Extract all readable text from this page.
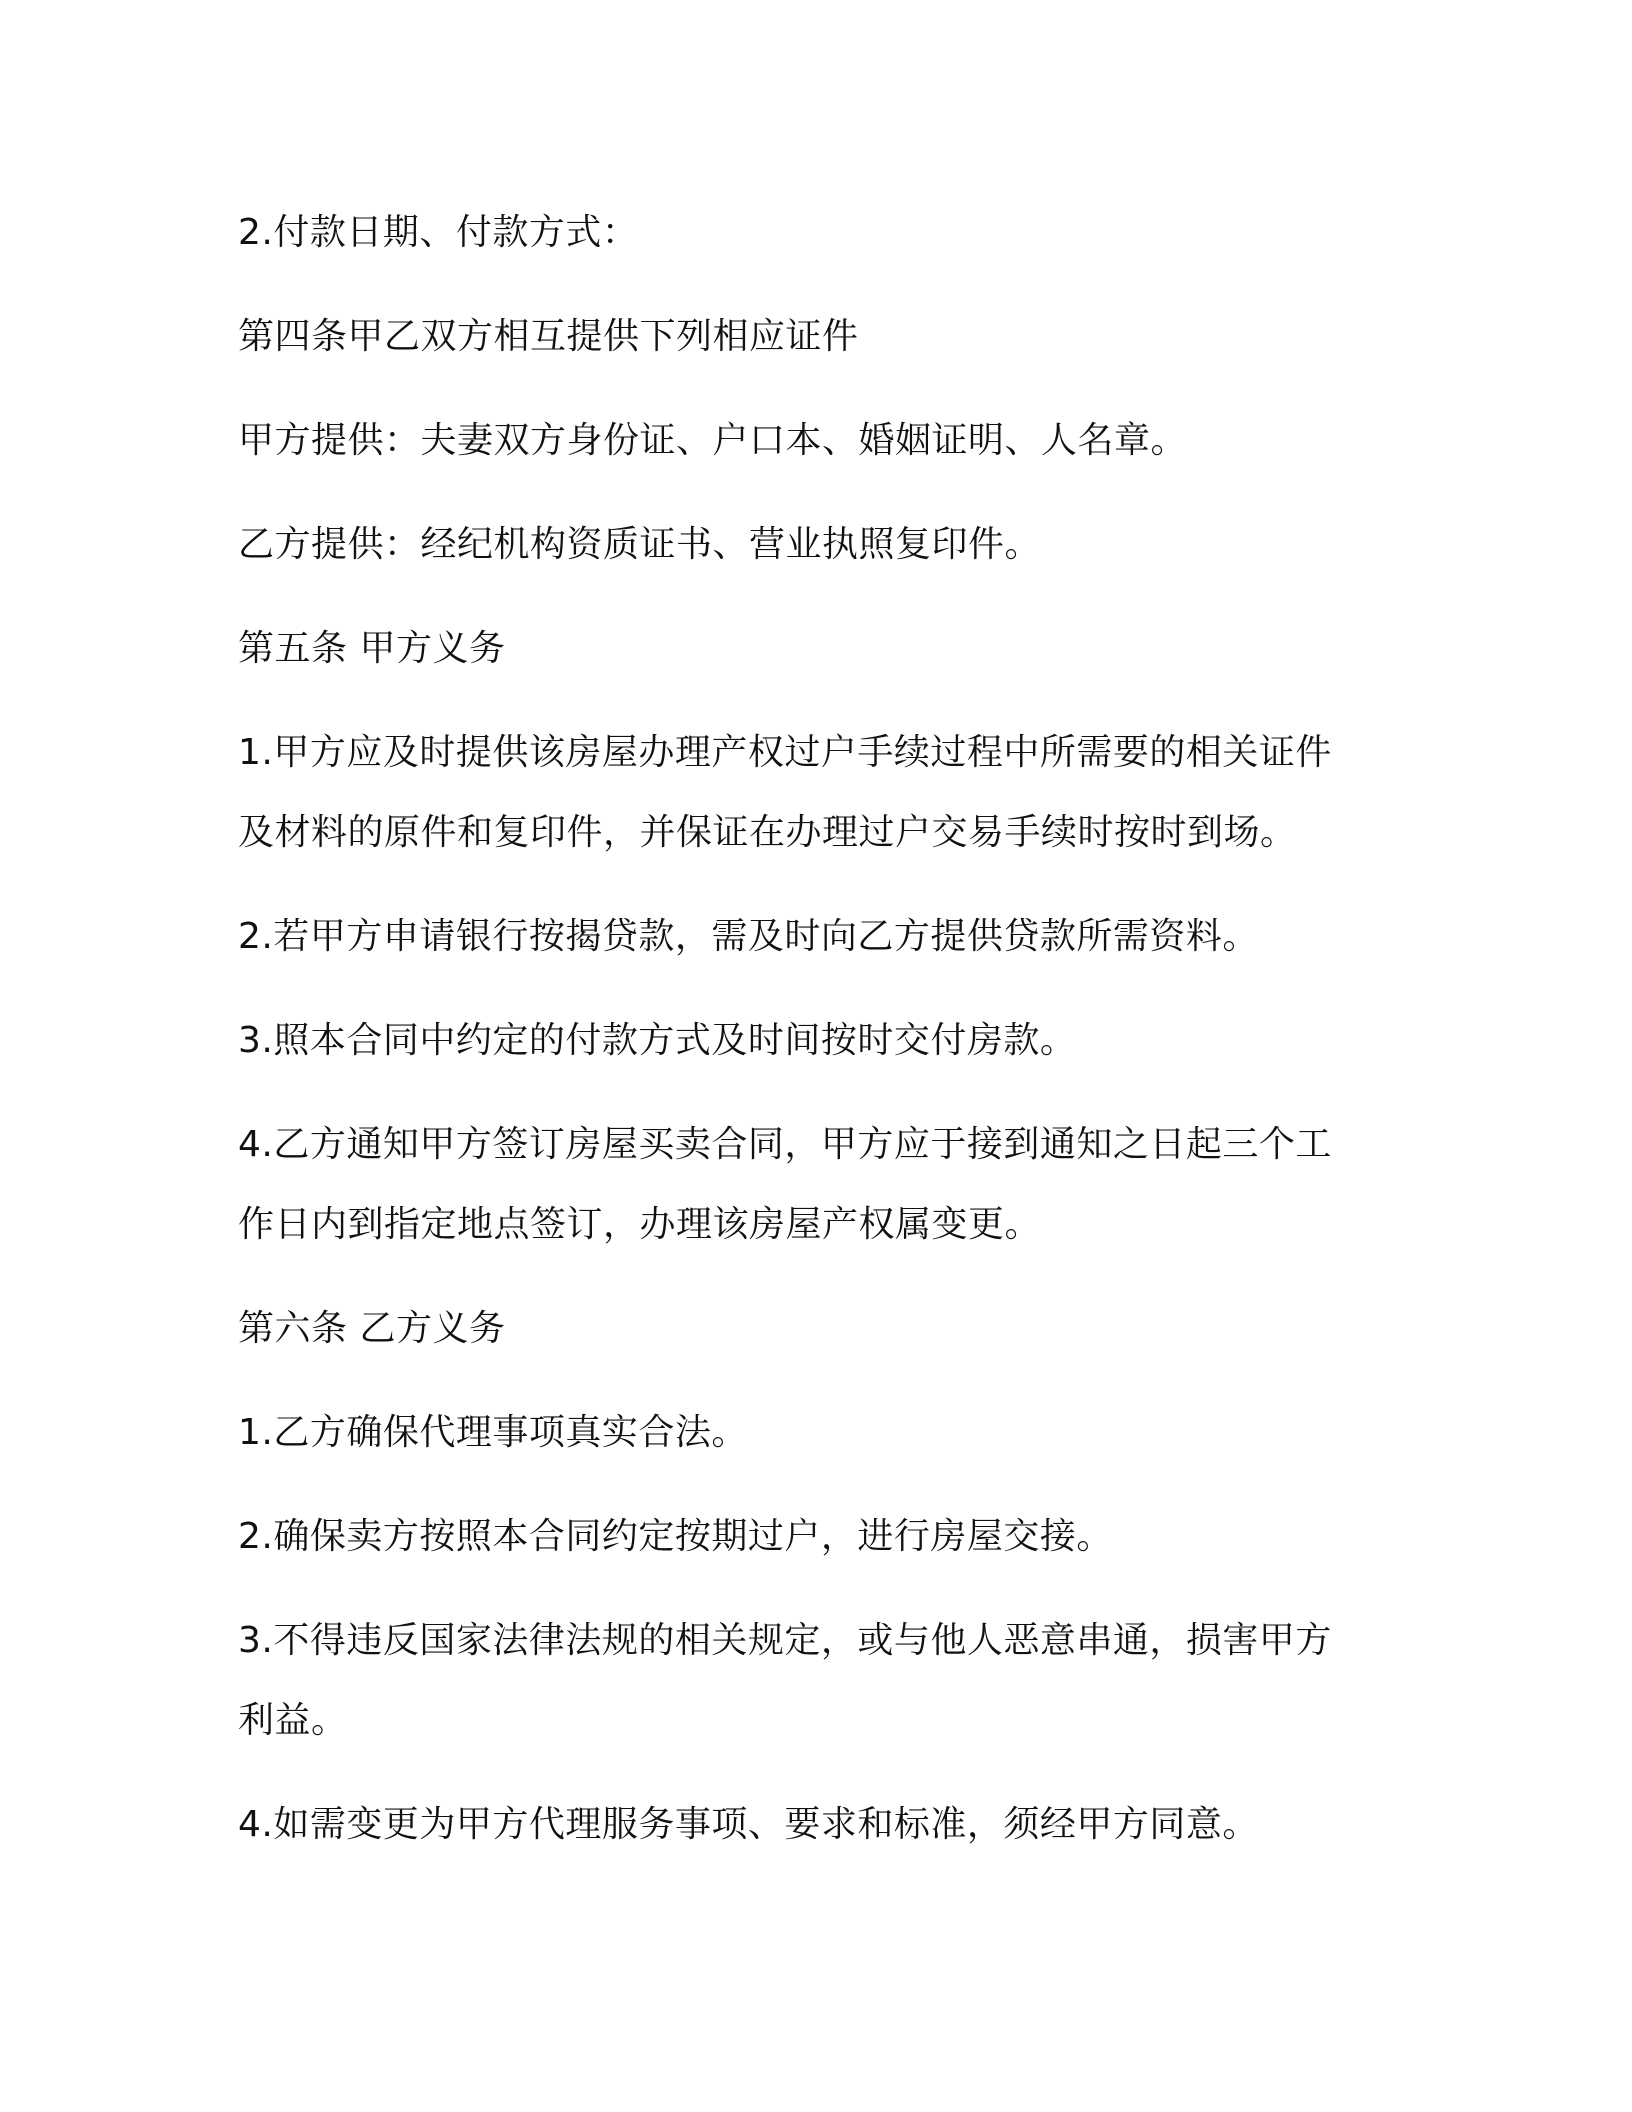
2.付款日期、付款方式：

第四条甲乙双方相互提供下列相应证件

甲方提供：夫妻双方身份证、户口本、婚姻证明、人名章。

乙方提供：经纪机构资质证书、营业执照复印件。

第五条 甲方义务

1.甲方应及时提供该房屋办理产权过户手续过程中所需要的相关证件及材料的原件和复印件，并保证在办理过户交易手续时按时到场。

2.若甲方申请银行按揭贷款，需及时向乙方提供贷款所需资料。

3.照本合同中约定的付款方式及时间按时交付房款。

4.乙方通知甲方签订房屋买卖合同，甲方应于接到通知之日起三个工作日内到指定地点签订，办理该房屋产权属变更。

第六条 乙方义务

1.乙方确保代理事项真实合法。

2.确保卖方按照本合同约定按期过户，进行房屋交接。

3.不得违反国家法律法规的相关规定，或与他人恶意串通，损害甲方利益。

4.如需变更为甲方代理服务事项、要求和标准，须经甲方同意。
